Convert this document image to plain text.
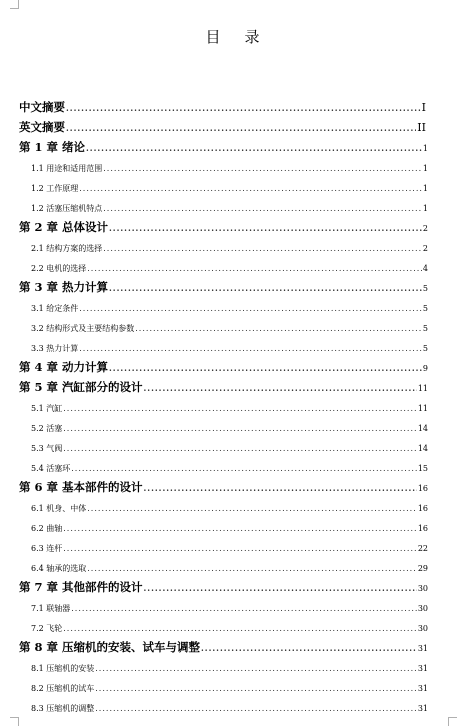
目 录
中文摘要 .....	I
英文摘要 .....	II
第 1 章 绪论 .....	1
1.1 用途和适用范围 .....	1
1.2 工作原理 .....	1
1.2 活塞压缩机特点 .....	1
第 2 章 总体设计 .....	2
2.1 结构方案的选择 .....	2
2.2 电机的选择 .....	4
第 3 章 热力计算 .....	5
3.1 给定条件 .....	5
3.2 结构形式及主要结构参数 .....	5
3.3 热力计算 .....	5
第 4 章 动力计算 .....	9
第 5 章 汽缸部分的设计 .....	11
5.1 汽缸 .....	11
5.2 活塞 .....	14
5.3 气阀 .....	14
5.4 活塞环 .....	15
第 6 章 基本部件的设计 .....	16
6.1 机身、中体 .....	16
6.2 曲轴 .....	16
6.3 连杆 .....	22
6.4 轴承的选取 .....	29
第 7 章 其他部件的设计 .....	30
7.1 联轴器 .....	30
7.2 飞轮 .....	30
第 8 章 压缩机的安装、试车与调整 .....	31
8.1 压缩机的安装 .....	31
8.2 压缩机的试车 .....	31
8.3 压缩机的调整 .....	31
